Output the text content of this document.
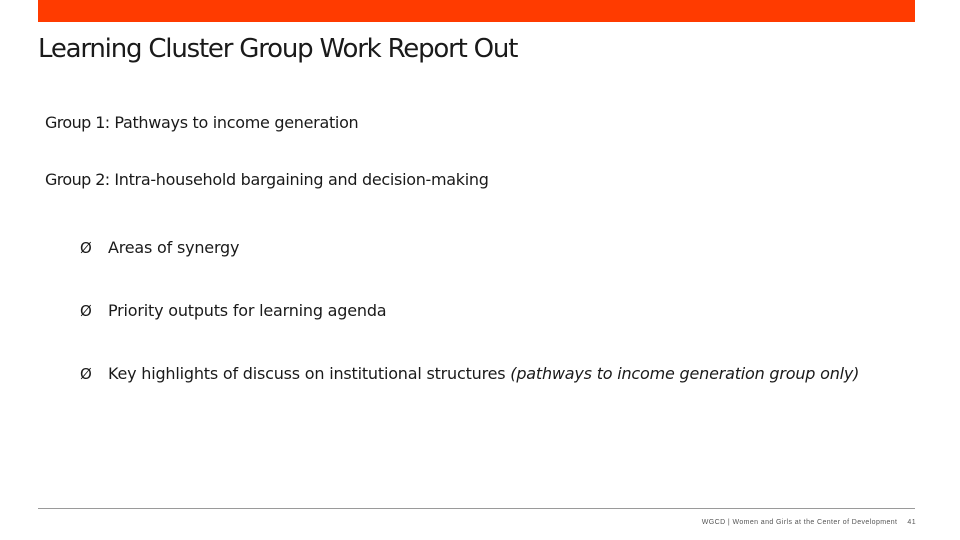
Learning Cluster Group Work Report Out
Group 1: Pathways to income generation
Group 2: Intra-household bargaining and decision-making
Ø Areas of synergy
Ø Priority outputs for learning agenda
Ø Key highlights of discuss on institutional structures (pathways to income generation group only)
WGCD | Women and Girls at the Center of Development 41
